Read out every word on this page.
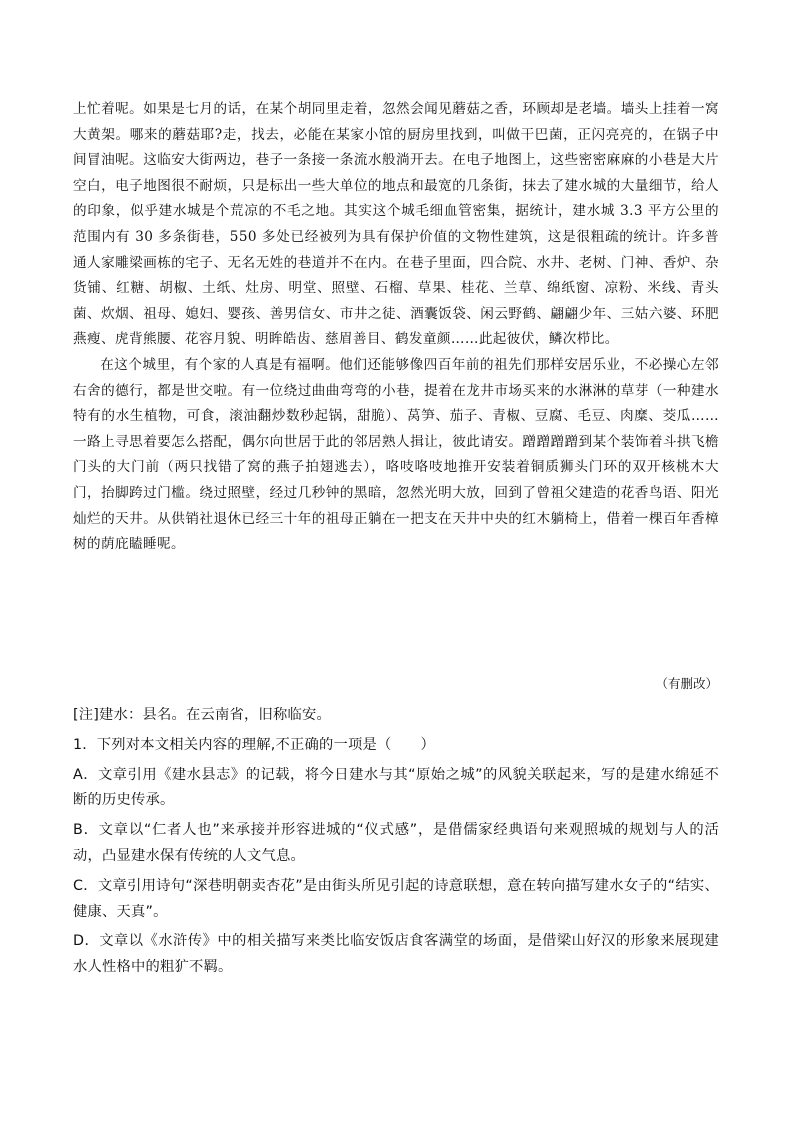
上忙着呢。如果是七月的话，在某个胡同里走着，忽然会闻见蘑菇之香，环顾却是老墙。墙头上挂着一窝大黄架。哪来的蘑菇耶?走，找去，必能在某家小馆的厨房里找到，叫做干巴菌，正闪亮亮的，在锅子中间冒油呢。这临安大街两边，巷子一条接一条流水般淌开去。在电子地图上，这些密密麻麻的小巷是大片空白，电子地图很不耐烦，只是标出一些大单位的地点和最宽的几条街，抹去了建水城的大量细节，给人的印象，似乎建水城是个荒凉的不毛之地。其实这个城毛细血管密集，据统计，建水城 3.3 平方公里的范围内有 30 多条街巷，550 多处已经被列为具有保护价值的文物性建筑，这是很粗疏的统计。许多普通人家雕梁画栋的宅子、无名无姓的巷道并不在内。在巷子里面，四合院、水井、老树、门神、香炉、杂货铺、红糖、胡椒、土纸、灶房、明堂、照壁、石榴、草果、桂花、兰草、绵纸窗、凉粉、米线、青头菌、炊烟、祖母、媳妇、婴孩、善男信女、市井之徒、酒囊饭袋、闲云野鹤、翩翩少年、三姑六婆、环肥燕瘦、虎背熊腰、花容月貌、明眸皓齿、慈眉善目、鹤发童颜……此起彼伏，鳞次栉比。

在这个城里，有个家的人真是有福啊。他们还能够像四百年前的祖先们那样安居乐业，不必操心左邻右舍的德行，都是世交啦。有一位绕过曲曲弯弯的小巷，提着在龙井市场买来的水淋淋的草芽（一种建水特有的水生植物，可食，滚油翻炒数秒起锅，甜脆）、莴笋、茄子、青椒、豆腐、毛豆、肉糜、茭瓜……一路上寻思着要怎么搭配，偶尔向世居于此的邻居熟人揖让，彼此请安。蹭蹭蹭蹭到某个装饰着斗拱飞檐门头的大门前（两只找错了窝的燕子拍翅逃去），咯吱咯吱地推开安装着铜质狮头门环的双开核桃木大门，抬脚跨过门槛。绕过照壁，经过几秒钟的黑暗，忽然光明大放，回到了曾祖父建造的花香鸟语、阳光灿烂的天井。从供销社退休已经三十年的祖母正躺在一把支在天井中央的红木躺椅上，借着一棵百年香樟树的荫庇瞌睡呢。

（有删改）

[注]建水：县名。在云南省，旧称临安。

1．下列对本文相关内容的理解,不正确的一项是（　　）

A．文章引用《建水县志》的记载，将今日建水与其“原始之城”的风貌关联起来，写的是建水绵延不断的历史传承。

B．文章以“仁者人也”来承接并形容进城的“仪式感”，是借儒家经典语句来观照城的规划与人的活动，凸显建水保有传统的人文气息。

C．文章引用诗句“深巷明朝卖杏花”是由街头所见引起的诗意联想，意在转向描写建水女子的“结实、健康、天真”。

D．文章以《水浒传》中的相关描写来类比临安饭店食客满堂的场面，是借梁山好汉的形象来展现建水人性格中的粗犷不羁。
